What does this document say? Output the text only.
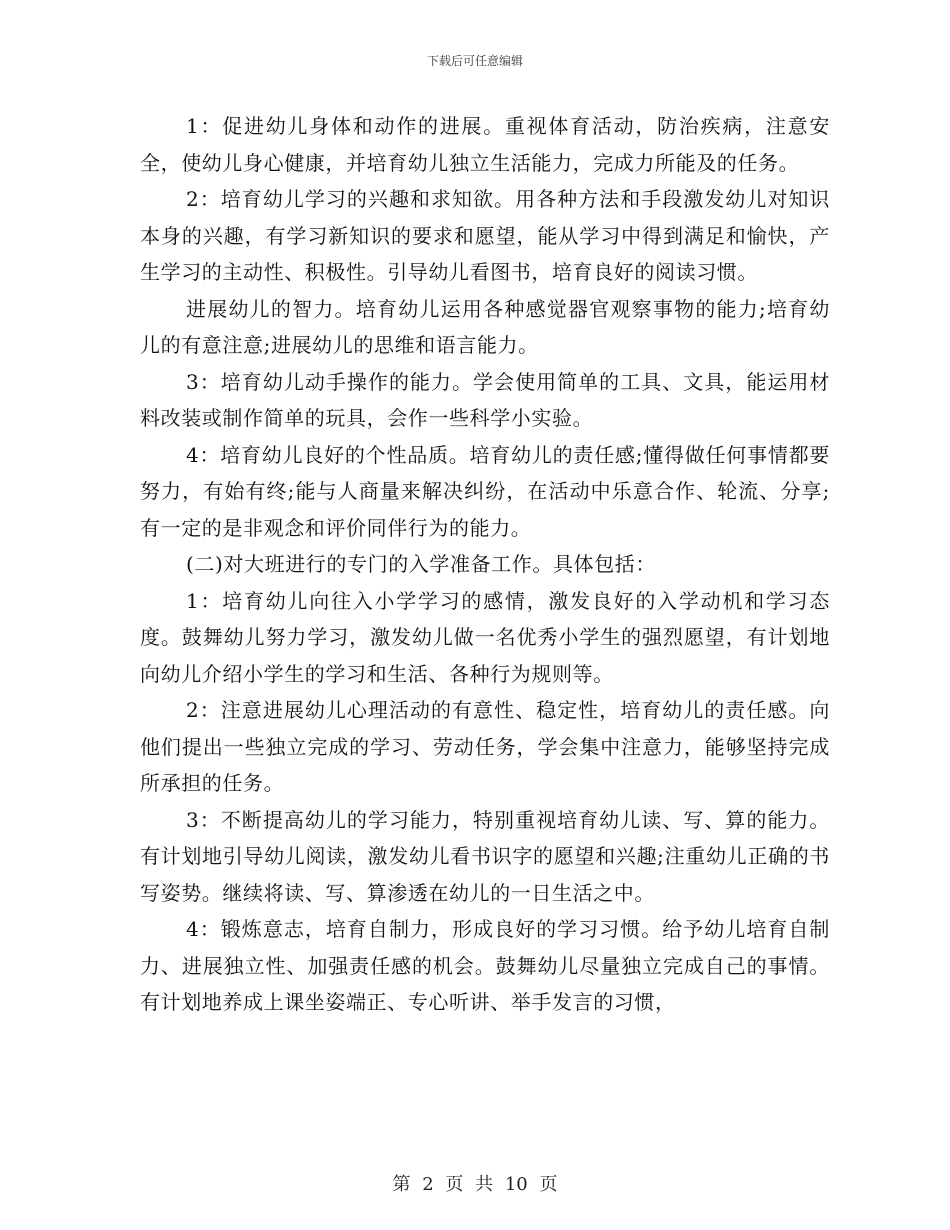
下载后可任意编辑

1：促进幼儿身体和动作的进展。重视体育活动，防治疾病，注意安全，使幼儿身心健康，并培育幼儿独立生活能力，完成力所能及的任务。

2：培育幼儿学习的兴趣和求知欲。用各种方法和手段激发幼儿对知识本身的兴趣，有学习新知识的要求和愿望，能从学习中得到满足和愉快，产生学习的主动性、积极性。引导幼儿看图书，培育良好的阅读习惯。

进展幼儿的智力。培育幼儿运用各种感觉器官观察事物的能力;培育幼儿的有意注意;进展幼儿的思维和语言能力。

3：培育幼儿动手操作的能力。学会使用简单的工具、文具，能运用材料改装或制作简单的玩具，会作一些科学小实验。

4：培育幼儿良好的个性品质。培育幼儿的责任感;懂得做任何事情都要努力，有始有终;能与人商量来解决纠纷，在活动中乐意合作、轮流、分享;有一定的是非观念和评价同伴行为的能力。

(二)对大班进行的专门的入学准备工作。具体包括：

1：培育幼儿向往入小学学习的感情，激发良好的入学动机和学习态度。鼓舞幼儿努力学习，激发幼儿做一名优秀小学生的强烈愿望，有计划地向幼儿介绍小学生的学习和生活、各种行为规则等。

2：注意进展幼儿心理活动的有意性、稳定性，培育幼儿的责任感。向他们提出一些独立完成的学习、劳动任务，学会集中注意力，能够坚持完成所承担的任务。

3：不断提高幼儿的学习能力，特别重视培育幼儿读、写、算的能力。有计划地引导幼儿阅读，激发幼儿看书识字的愿望和兴趣;注重幼儿正确的书写姿势。继续将读、写、算渗透在幼儿的一日生活之中。

4：锻炼意志，培育自制力，形成良好的学习习惯。给予幼儿培育自制力、进展独立性、加强责任感的机会。鼓舞幼儿尽量独立完成自己的事情。有计划地养成上课坐姿端正、专心听讲、举手发言的习惯，

第 2 页 共 10 页
